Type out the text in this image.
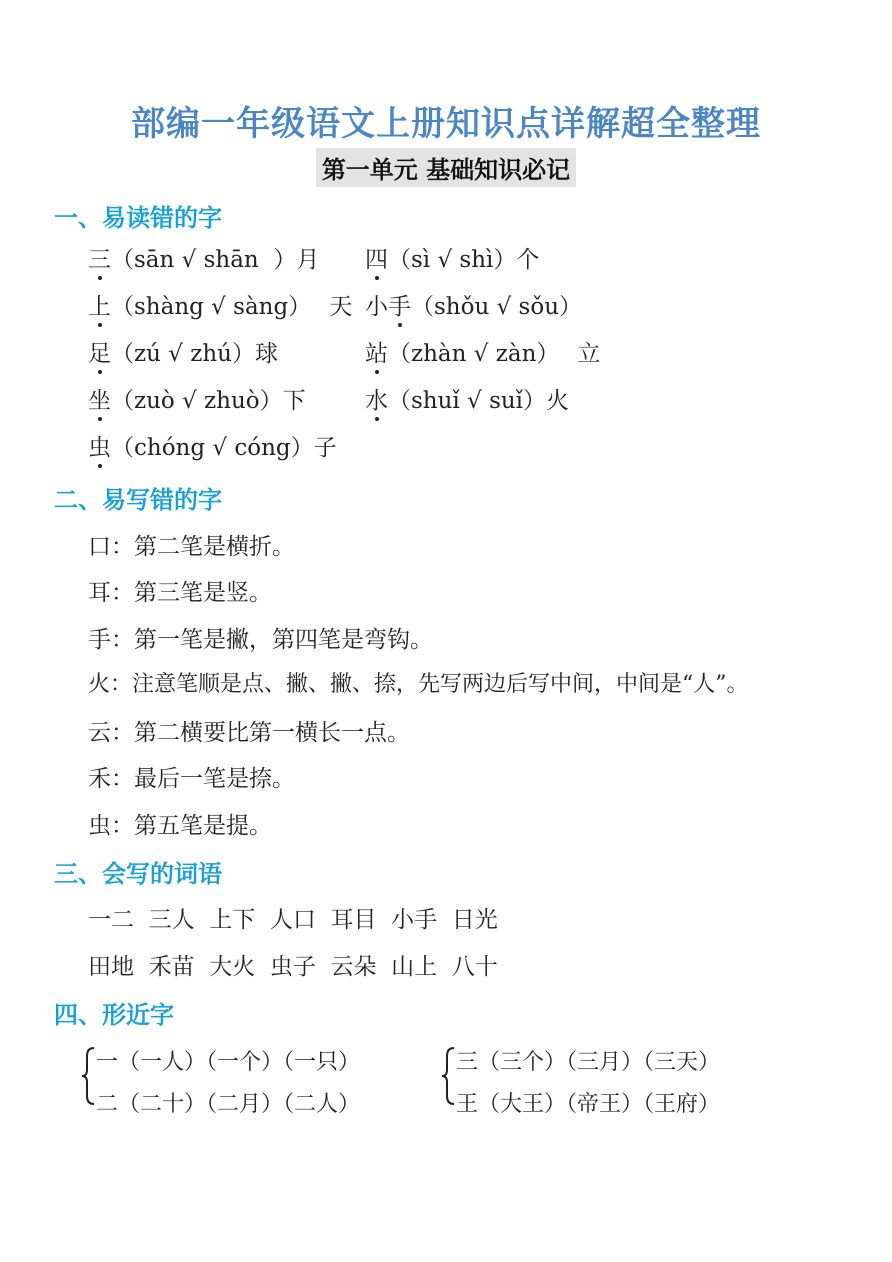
部编一年级语文上册知识点详解超全整理
第一单元 基础知识必记
一、易读错的字
三（sān √ shān  ）月 四（sì √ shì）个
上（shàng √ sàng） 天 小手（shǒu √ sǒu）
足（zú √ zhú）球	站（zhàn √ zàn） 立
坐（zuò √ zhuò）下	水（shuǐ √ suǐ）火
虫（chóng √ cóng）子
二、易写错的字
口：第二笔是横折。
耳：第三笔是竖。
手：第一笔是撇，第四笔是弯钩。
火：注意笔顺是点、撇、撇、捺，先写两边后写中间，中间是“人”。
云：第二横要比第一横长一点。
禾：最后一笔是捺。
虫：第五笔是提。
三、会写的词语
一二  三人  上下  人口  耳目  小手  日光
田地  禾苗  大火  虫子  云朵  山上  八十
四、形近字
一（一人）（一个）（一只）
二（二十）（二月）（二人）
三（三个）（三月）（三天）
王（大王）（帝王）（王府）
